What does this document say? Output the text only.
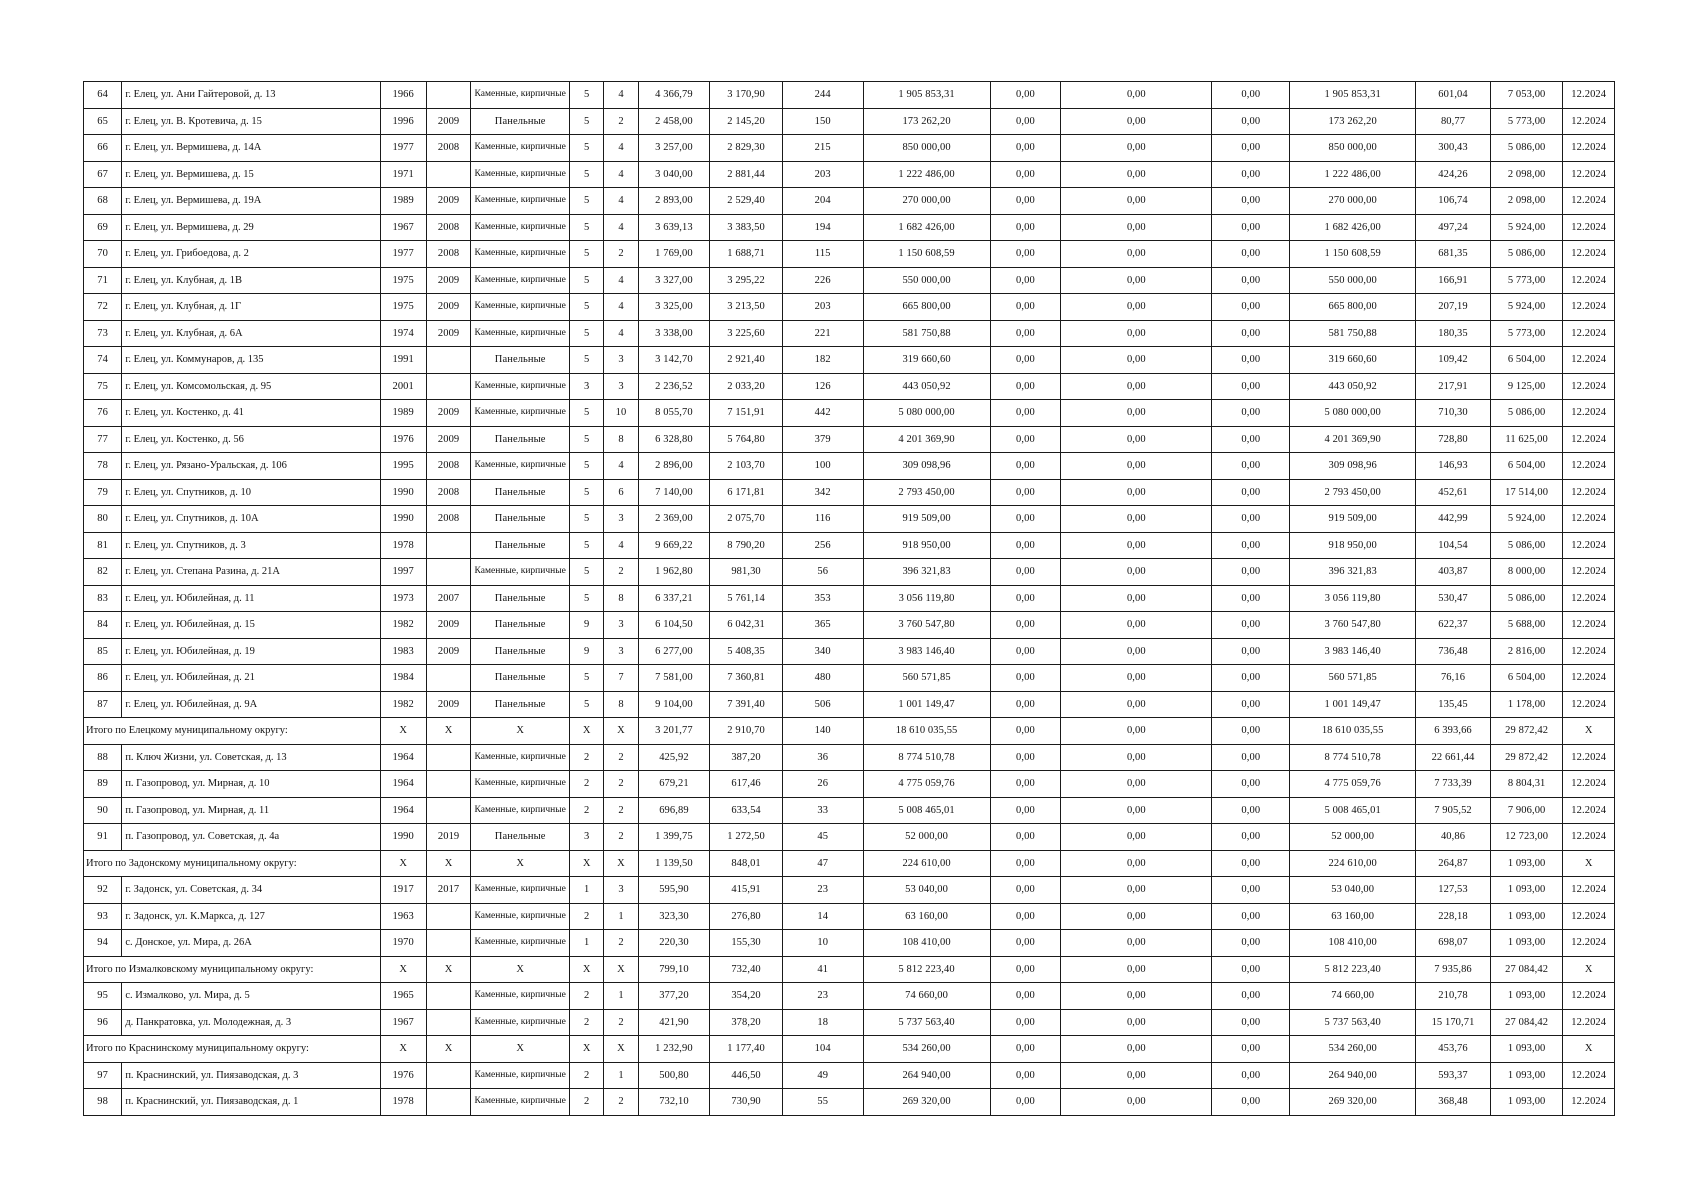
64	г. Елец, ул. Ани Гайтеровой, д. 13	1966		Каменные, кирпичные	5	4	4 366,79	3 170,90	244	1 905 853,31	0,00	0,00	0,00	1 905 853,31	601,04	7 053,00	12.2024
65	г. Елец, ул. В. Кротевича, д. 15	1996	2009	Панельные	5	2	2 458,00	2 145,20	150	173 262,20	0,00	0,00	0,00	173 262,20	80,77	5 773,00	12.2024
66	г. Елец, ул. Вермишева, д. 14А	1977	2008	Каменные, кирпичные	5	4	3 257,00	2 829,30	215	850 000,00	0,00	0,00	0,00	850 000,00	300,43	5 086,00	12.2024
67	г. Елец, ул. Вермишева, д. 15	1971		Каменные, кирпичные	5	4	3 040,00	2 881,44	203	1 222 486,00	0,00	0,00	0,00	1 222 486,00	424,26	2 098,00	12.2024
68	г. Елец, ул. Вермишева, д. 19А	1989	2009	Каменные, кирпичные	5	4	2 893,00	2 529,40	204	270 000,00	0,00	0,00	0,00	270 000,00	106,74	2 098,00	12.2024
69	г. Елец, ул. Вермишева, д. 29	1967	2008	Каменные, кирпичные	5	4	3 639,13	3 383,50	194	1 682 426,00	0,00	0,00	0,00	1 682 426,00	497,24	5 924,00	12.2024
70	г. Елец, ул. Грибоедова, д. 2	1977	2008	Каменные, кирпичные	5	2	1 769,00	1 688,71	115	1 150 608,59	0,00	0,00	0,00	1 150 608,59	681,35	5 086,00	12.2024
71	г. Елец, ул. Клубная, д. 1В	1975	2009	Каменные, кирпичные	5	4	3 327,00	3 295,22	226	550 000,00	0,00	0,00	0,00	550 000,00	166,91	5 773,00	12.2024
72	г. Елец, ул. Клубная, д. 1Г	1975	2009	Каменные, кирпичные	5	4	3 325,00	3 213,50	203	665 800,00	0,00	0,00	0,00	665 800,00	207,19	5 924,00	12.2024
73	г. Елец, ул. Клубная, д. 6А	1974	2009	Каменные, кирпичные	5	4	3 338,00	3 225,60	221	581 750,88	0,00	0,00	0,00	581 750,88	180,35	5 773,00	12.2024
74	г. Елец, ул. Коммунаров, д. 135	1991		Панельные	5	3	3 142,70	2 921,40	182	319 660,60	0,00	0,00	0,00	319 660,60	109,42	6 504,00	12.2024
75	г. Елец, ул. Комсомольская, д. 95	2001		Каменные, кирпичные	3	3	2 236,52	2 033,20	126	443 050,92	0,00	0,00	0,00	443 050,92	217,91	9 125,00	12.2024
76	г. Елец, ул. Костенко, д. 41	1989	2009	Каменные, кирпичные	5	10	8 055,70	7 151,91	442	5 080 000,00	0,00	0,00	0,00	5 080 000,00	710,30	5 086,00	12.2024
77	г. Елец, ул. Костенко, д. 56	1976	2009	Панельные	5	8	6 328,80	5 764,80	379	4 201 369,90	0,00	0,00	0,00	4 201 369,90	728,80	11 625,00	12.2024
78	г. Елец, ул. Рязано-Уральская, д. 106	1995	2008	Каменные, кирпичные	5	4	2 896,00	2 103,70	100	309 098,96	0,00	0,00	0,00	309 098,96	146,93	6 504,00	12.2024
79	г. Елец, ул. Спутников, д. 10	1990	2008	Панельные	5	6	7 140,00	6 171,81	342	2 793 450,00	0,00	0,00	0,00	2 793 450,00	452,61	17 514,00	12.2024
80	г. Елец, ул. Спутников, д. 10А	1990	2008	Панельные	5	3	2 369,00	2 075,70	116	919 509,00	0,00	0,00	0,00	919 509,00	442,99	5 924,00	12.2024
81	г. Елец, ул. Спутников, д. 3	1978		Панельные	5	4	9 669,22	8 790,20	256	918 950,00	0,00	0,00	0,00	918 950,00	104,54	5 086,00	12.2024
82	г. Елец, ул. Степана Разина, д. 21А	1997		Каменные, кирпичные	5	2	1 962,80	981,30	56	396 321,83	0,00	0,00	0,00	396 321,83	403,87	8 000,00	12.2024
83	г. Елец, ул. Юбилейная, д. 11	1973	2007	Панельные	5	8	6 337,21	5 761,14	353	3 056 119,80	0,00	0,00	0,00	3 056 119,80	530,47	5 086,00	12.2024
84	г. Елец, ул. Юбилейная, д. 15	1982	2009	Панельные	9	3	6 104,50	6 042,31	365	3 760 547,80	0,00	0,00	0,00	3 760 547,80	622,37	5 688,00	12.2024
85	г. Елец, ул. Юбилейная, д. 19	1983	2009	Панельные	9	3	6 277,00	5 408,35	340	3 983 146,40	0,00	0,00	0,00	3 983 146,40	736,48	2 816,00	12.2024
86	г. Елец, ул. Юбилейная, д. 21	1984		Панельные	5	7	7 581,00	7 360,81	480	560 571,85	0,00	0,00	0,00	560 571,85	76,16	6 504,00	12.2024
87	г. Елец, ул. Юбилейная, д. 9А	1982	2009	Панельные	5	8	9 104,00	7 391,40	506	1 001 149,47	0,00	0,00	0,00	1 001 149,47	135,45	1 178,00	12.2024
Итого по Елецкому муниципальному округу:		X	X	X	X	X	3 201,77	2 910,70	140	18 610 035,55	0,00	0,00	0,00	18 610 035,55	6 393,66	29 872,42	X
88	п. Ключ Жизни, ул. Советская, д. 13	1964		Каменные, кирпичные	2	2	425,92	387,20	36	8 774 510,78	0,00	0,00	0,00	8 774 510,78	22 661,44	29 872,42	12.2024
89	п. Газопровод, ул. Мирная, д. 10	1964		Каменные, кирпичные	2	2	679,21	617,46	26	4 775 059,76	0,00	0,00	0,00	4 775 059,76	7 733,39	8 804,31	12.2024
90	п. Газопровод, ул. Мирная, д. 11	1964		Каменные, кирпичные	2	2	696,89	633,54	33	5 008 465,01	0,00	0,00	0,00	5 008 465,01	7 905,52	7 906,00	12.2024
91	п. Газопровод, ул. Советская, д. 4а	1990	2019	Панельные	3	2	1 399,75	1 272,50	45	52 000,00	0,00	0,00	0,00	52 000,00	40,86	12 723,00	12.2024
Итого по Задонскому муниципальному округу:		X	X	X	X	X	1 139,50	848,01	47	224 610,00	0,00	0,00	0,00	224 610,00	264,87	1 093,00	X
92	г. Задонск, ул. Советская, д. 34	1917	2017	Каменные, кирпичные	1	3	595,90	415,91	23	53 040,00	0,00	0,00	0,00	53 040,00	127,53	1 093,00	12.2024
93	г. Задонск, ул. К.Маркса, д. 127	1963		Каменные, кирпичные	2	1	323,30	276,80	14	63 160,00	0,00	0,00	0,00	63 160,00	228,18	1 093,00	12.2024
94	с. Донское, ул. Мира, д. 26А	1970		Каменные, кирпичные	1	2	220,30	155,30	10	108 410,00	0,00	0,00	0,00	108 410,00	698,07	1 093,00	12.2024
Итого по Измалковскому муниципальному округу:		X	X	X	X	X	799,10	732,40	41	5 812 223,40	0,00	0,00	0,00	5 812 223,40	7 935,86	27 084,42	X
95	с. Измалково, ул. Мира, д. 5	1965		Каменные, кирпичные	2	1	377,20	354,20	23	74 660,00	0,00	0,00	0,00	74 660,00	210,78	1 093,00	12.2024
96	д. Панкратовка, ул. Молодежная, д. 3	1967		Каменные, кирпичные	2	2	421,90	378,20	18	5 737 563,40	0,00	0,00	0,00	5 737 563,40	15 170,71	27 084,42	12.2024
Итого по Краснинскому муниципальному округу:		X	X	X	X	X	1 232,90	1 177,40	104	534 260,00	0,00	0,00	0,00	534 260,00	453,76	1 093,00	X
97	п. Краснинский, ул. Пиязаводская, д. 3	1976		Каменные, кирпичные	2	1	500,80	446,50	49	264 940,00	0,00	0,00	0,00	264 940,00	593,37	1 093,00	12.2024
98	п. Краснинский, ул. Пиязаводская, д. 1	1978		Каменные, кирпичные	2	2	732,10	730,90	55	269 320,00	0,00	0,00	0,00	269 320,00	368,48	1 093,00	12.2024
